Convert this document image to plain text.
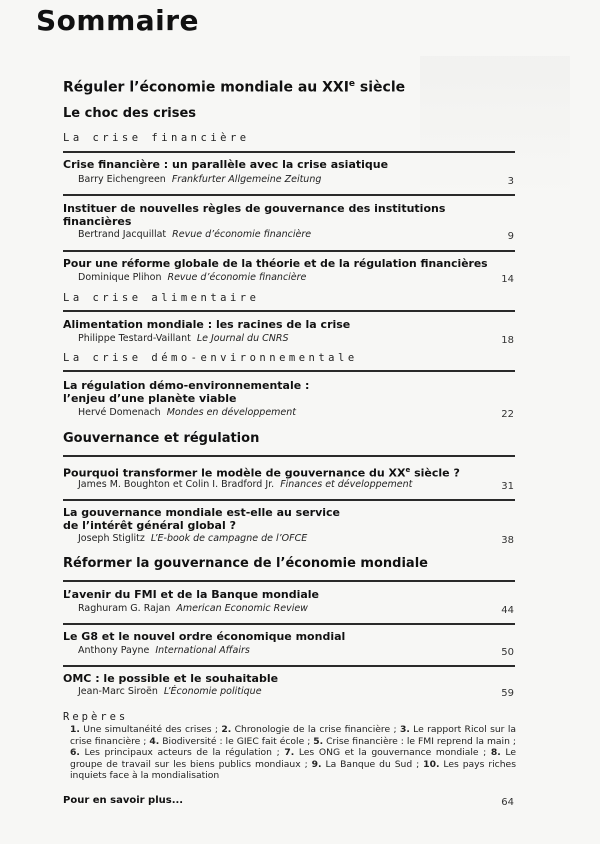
Sommaire
Réguler l’économie mondiale au XXIe siècle
Le choc des crises
La crise financière
Crise financière : un parallèle avec la crise asiatique
Barry Eichengreen Frankfurter Allgemeine Zeitung	3
Instituer de nouvelles règles de gouvernance des institutions financières
Bertrand Jacquillat Revue d’économie financière	9
Pour une réforme globale de la théorie et de la régulation financières
Dominique Plihon Revue d’économie financière	14
La crise alimentaire
Alimentation mondiale : les racines de la crise
Philippe Testard-Vaillant Le Journal du CNRS	18
La crise démo-environnementale
La régulation démo-environnementale : l’enjeu d’une planète viable
Hervé Domenach Mondes en développement	22
Gouvernance et régulation
Pourquoi transformer le modèle de gouvernance du XXe siècle ?
James M. Boughton et Colin I. Bradford Jr. Finances et développement	31
La gouvernance mondiale est-elle au service de l’intérêt général global ?
Joseph Stiglitz L’E-book de campagne de l’OFCE	38
Réformer la gouvernance de l’économie mondiale
L’avenir du FMI et de la Banque mondiale
Raghuram G. Rajan American Economic Review	44
Le G8 et le nouvel ordre économique mondial
Anthony Payne International Affairs	50
OMC : le possible et le souhaitable
Jean-Marc Siroën L’Économie politique	59
Repères
1. Une simultanéité des crises ; 2. Chronologie de la crise financière ; 3. Le rapport Ricol sur la crise financière ; 4. Biodiversité : le GIEC fait école ; 5. Crise financière : le FMI reprend la main ; 6. Les principaux acteurs de la régulation ; 7. Les ONG et la gouvernance mondiale ; 8. Le groupe de travail sur les biens publics mondiaux ; 9. La Banque du Sud ; 10. Les pays riches inquiets face à la mondialisation
Pour en savoir plus...	64
